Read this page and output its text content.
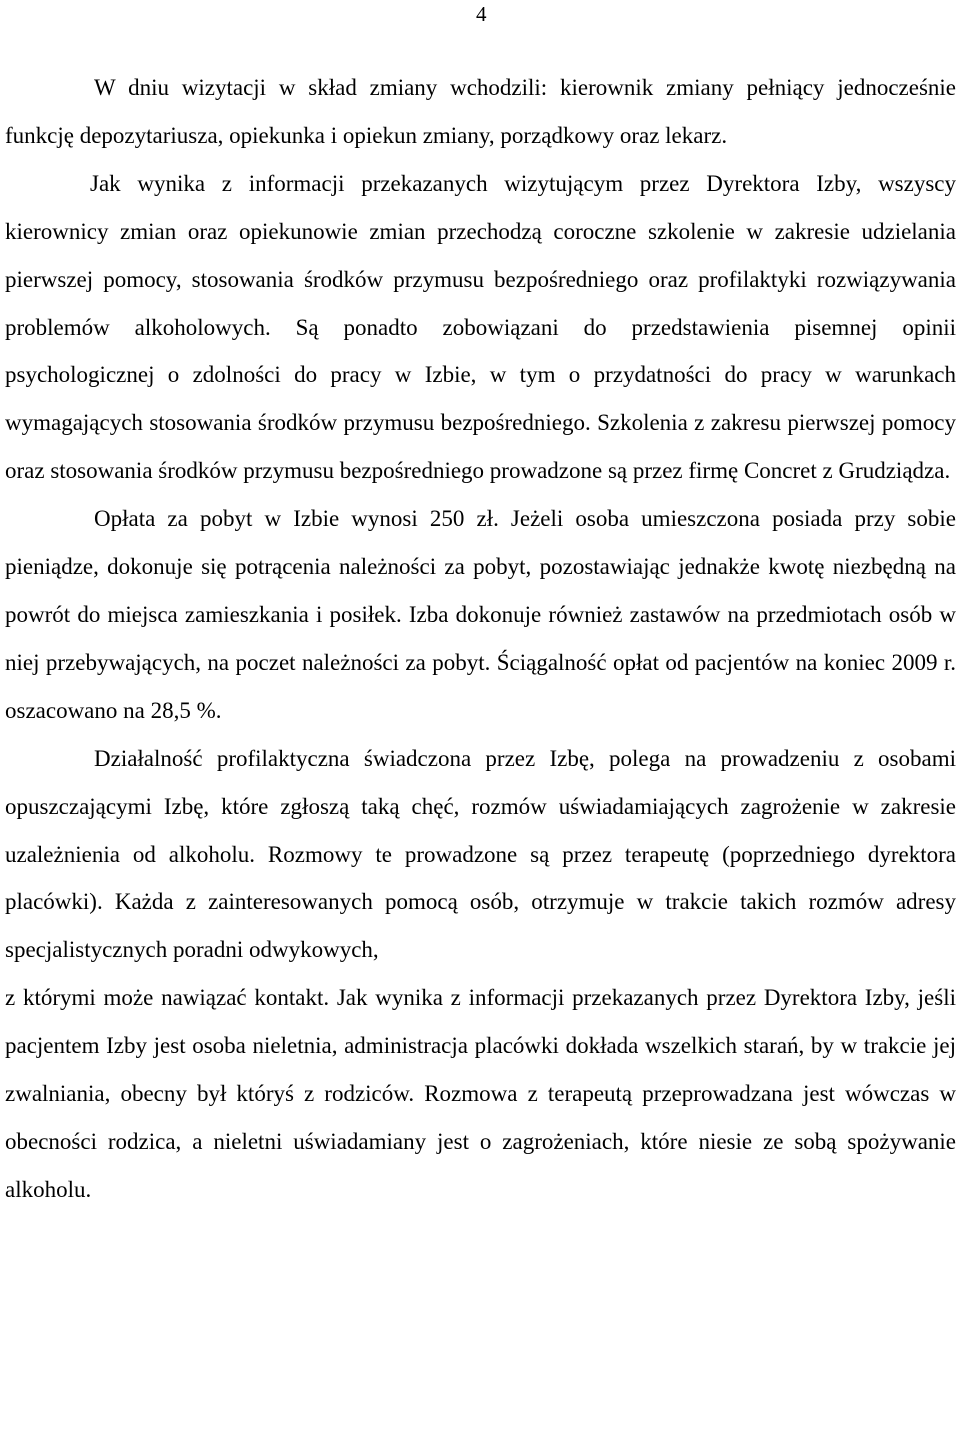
4

W dniu wizytacji w skład zmiany wchodzili: kierownik zmiany pełniący jednocześnie funkcję depozytariusza, opiekunka i opiekun zmiany, porządkowy oraz lekarz.

Jak wynika z informacji przekazanych wizytującym przez Dyrektora Izby, wszyscy kierownicy zmian oraz opiekunowie zmian przechodzą coroczne szkolenie w zakresie udzielania pierwszej pomocy, stosowania środków przymusu bezpośredniego oraz profilaktyki rozwiązywania problemów alkoholowych. Są ponadto zobowiązani do przedstawienia pisemnej opinii psychologicznej o zdolności do pracy w Izbie, w tym o przydatności do pracy w warunkach wymagających stosowania środków przymusu bezpośredniego. Szkolenia z zakresu pierwszej pomocy oraz stosowania środków przymusu bezpośredniego prowadzone są przez firmę Concret z Grudziądza.

Opłata za pobyt w Izbie wynosi 250 zł. Jeżeli osoba umieszczona posiada przy sobie pieniądze, dokonuje się potrącenia należności za pobyt, pozostawiając jednakże kwotę niezbędną na powrót do miejsca zamieszkania i posiłek. Izba dokonuje również zastawów na przedmiotach osób w niej przebywających, na poczet należności za pobyt. Ściągalność opłat od pacjentów na koniec 2009 r. oszacowano na 28,5 %.

Działalność profilaktyczna świadczona przez Izbę, polega na prowadzeniu z osobami opuszczającymi Izbę, które zgłoszą taką chęć, rozmów uświadamiających zagrożenie w zakresie uzależnienia od alkoholu. Rozmowy te prowadzone są przez terapeutę (poprzedniego dyrektora placówki). Każda z zainteresowanych pomocą osób, otrzymuje w trakcie takich rozmów adresy specjalistycznych poradni odwykowych,

z którymi może nawiązać kontakt. Jak wynika z informacji przekazanych przez Dyrektora Izby, jeśli pacjentem Izby jest osoba nieletnia, administracja placówki dokłada wszelkich starań, by w trakcie jej zwalniania, obecny był któryś z rodziców. Rozmowa z terapeutą przeprowadzana jest wówczas w obecności rodzica, a nieletni uświadamiany jest o zagrożeniach, które niesie ze sobą spożywanie alkoholu.
